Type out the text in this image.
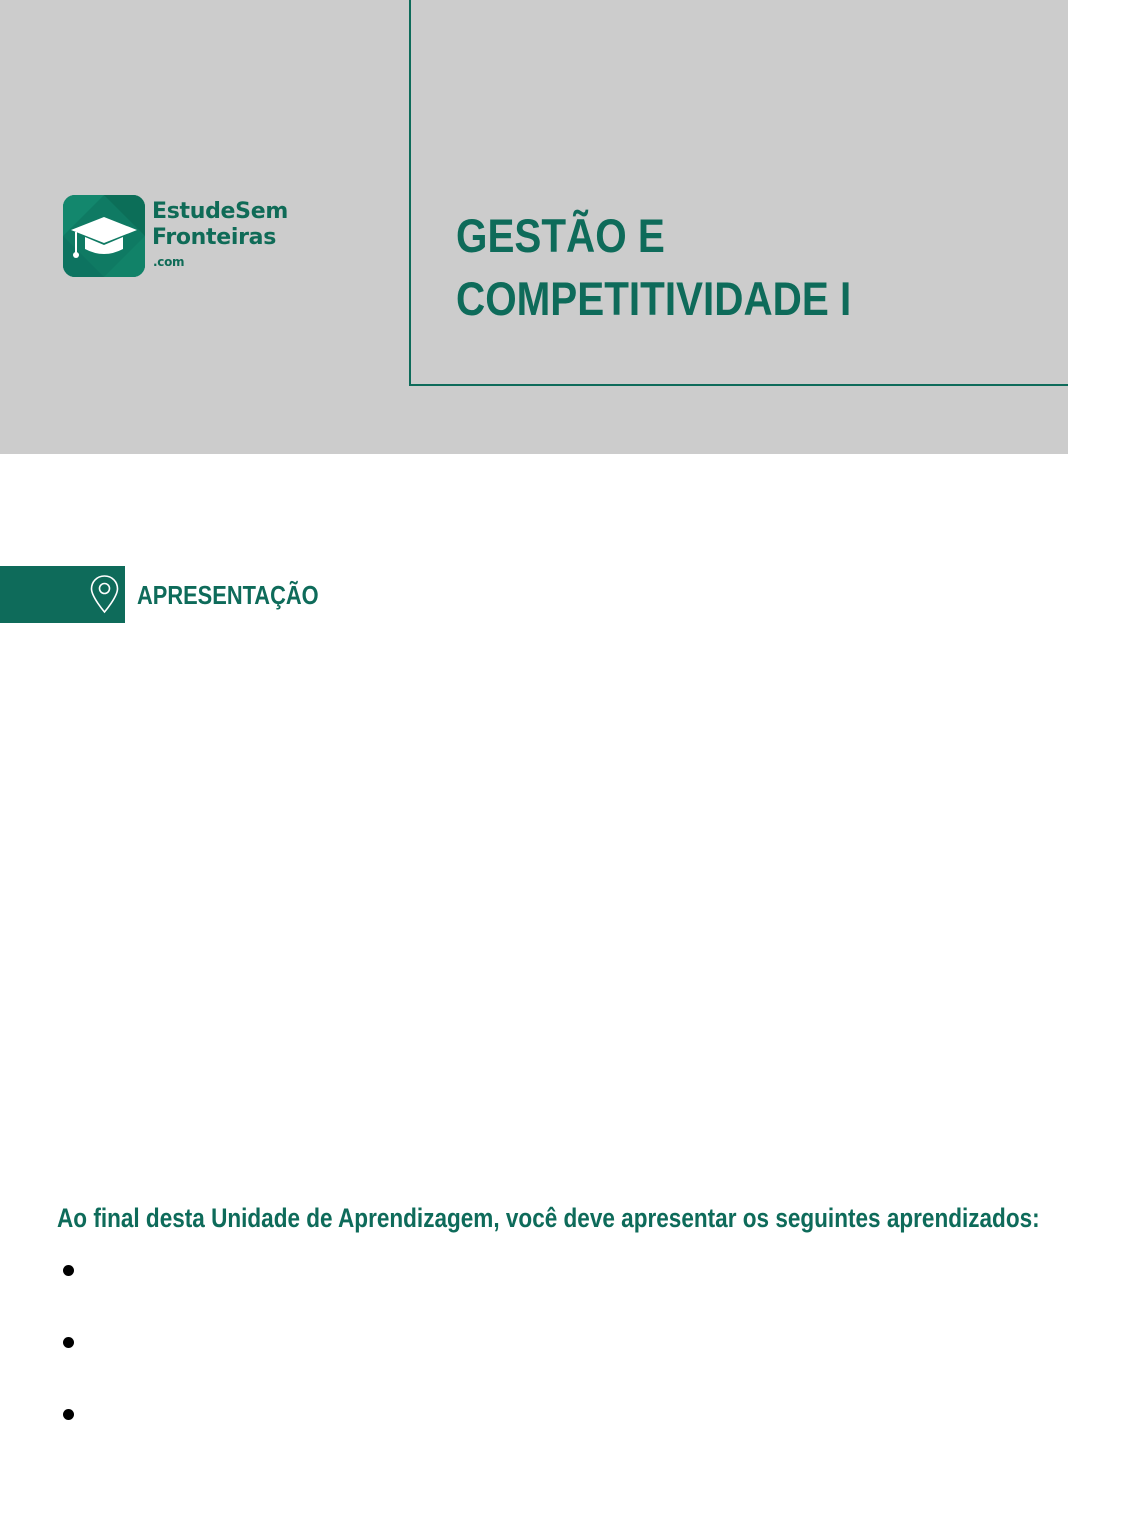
EstudeSem
Fronteiras
.com	GESTÃO E
COMPETITIVIDADE I
APRESENTAÇÃO
Ao final desta Unidade de Aprendizagem, você deve apresentar os seguintes aprendizados:
